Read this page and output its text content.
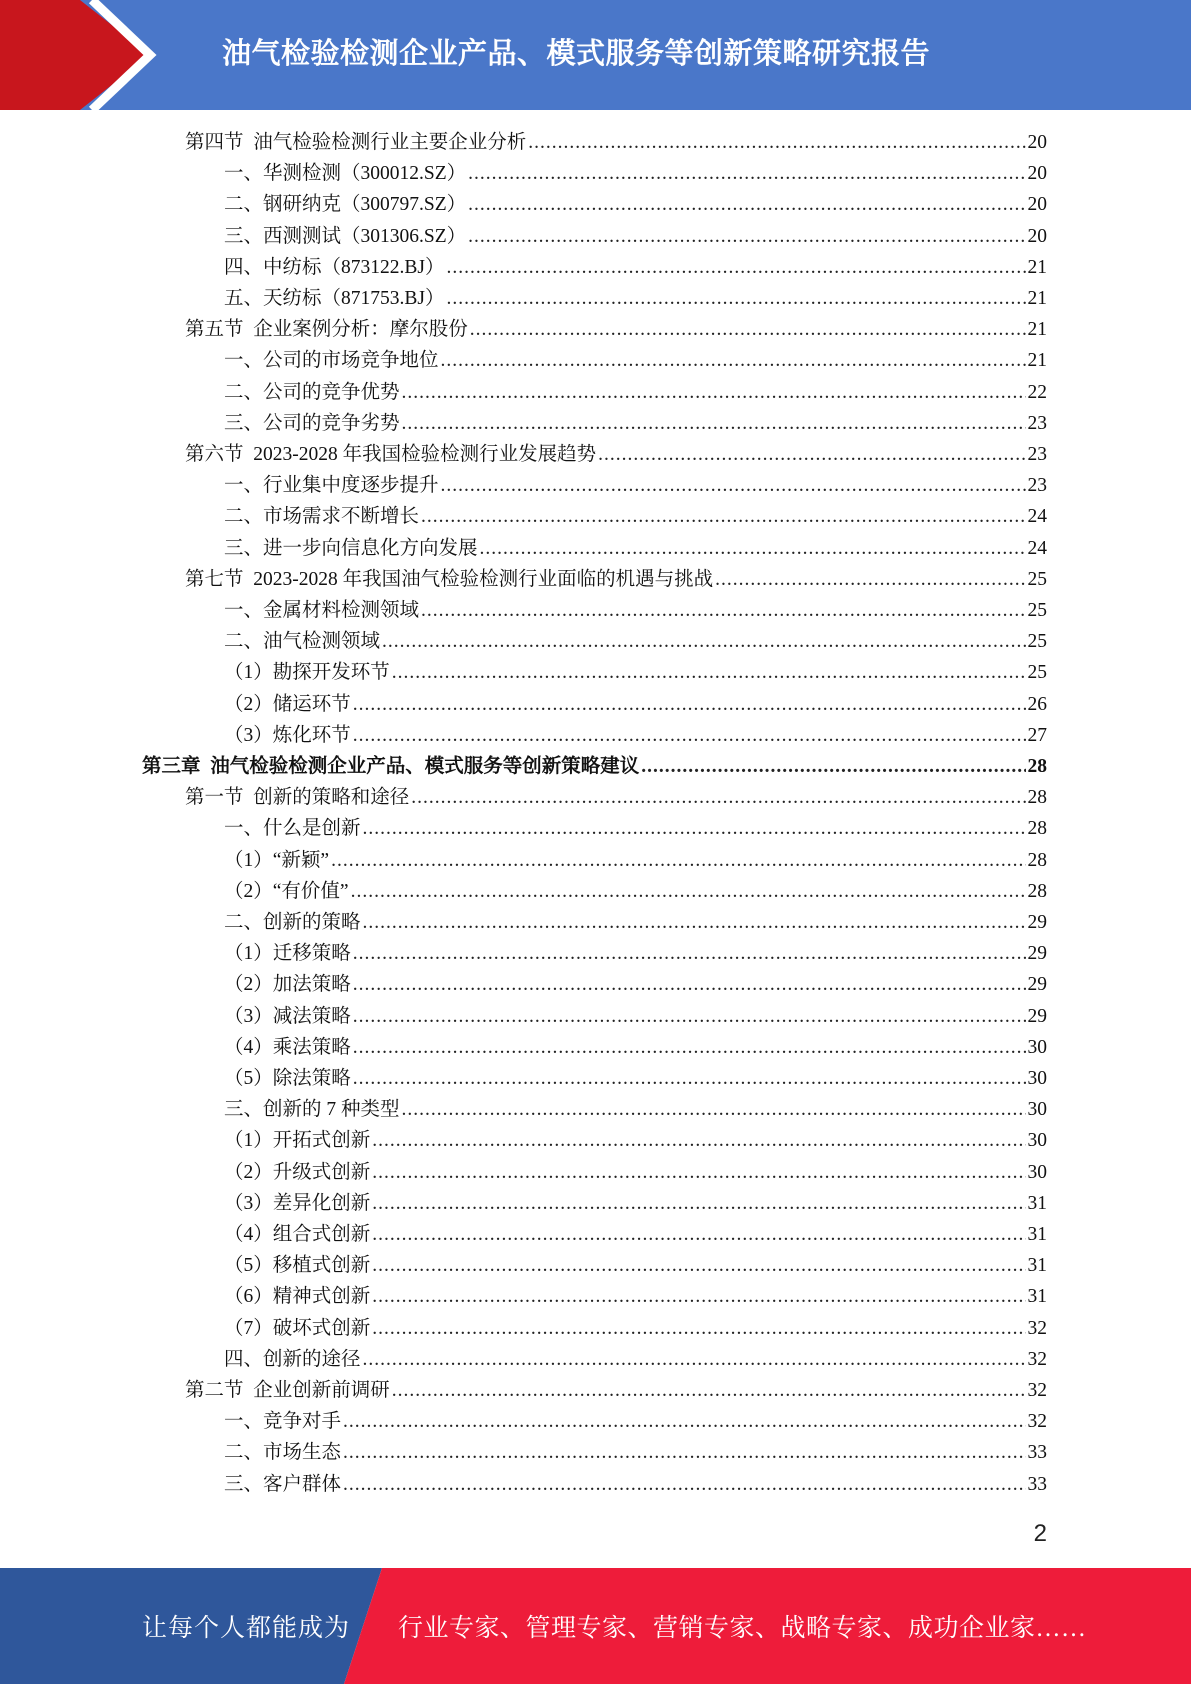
油气检验检测企业产品、模式服务等创新策略研究报告
第四节  油气检验检测行业主要企业分析 .....	20
一、华测检测（300012.SZ） .....	20
二、钢研纳克（300797.SZ） .....	20
三、西测测试（301306.SZ） .....	20
四、中纺标（873122.BJ） .....	21
五、天纺标（871753.BJ） .....	21
第五节  企业案例分析：摩尔股份 .....	21
一、公司的市场竞争地位 .....	21
二、公司的竞争优势 .....	22
三、公司的竞争劣势 .....	23
第六节  2023-2028 年我国检验检测行业发展趋势 .....	23
一、行业集中度逐步提升 .....	23
二、市场需求不断增长 .....	24
三、进一步向信息化方向发展 .....	24
第七节  2023-2028 年我国油气检验检测行业面临的机遇与挑战 .....	25
一、金属材料检测领域 .....	25
二、油气检测领域 .....	25
（1）勘探开发环节 .....	25
（2）储运环节 .....	26
（3）炼化环节 .....	27
第三章  油气检验检测企业产品、模式服务等创新策略建议 .....	28
第一节  创新的策略和途径 .....	28
一、什么是创新 .....	28
（1）“新颖” .....	28
（2）“有价值” .....	28
二、创新的策略 .....	29
（1）迁移策略 .....	29
（2）加法策略 .....	29
（3）减法策略 .....	29
（4）乘法策略 .....	30
（5）除法策略 .....	30
三、创新的 7 种类型 .....	30
（1）开拓式创新 .....	30
（2）升级式创新 .....	30
（3）差异化创新 .....	31
（4）组合式创新 .....	31
（5）移植式创新 .....	31
（6）精神式创新 .....	31
（7）破坏式创新 .....	32
四、创新的途径 .....	32
第二节  企业创新前调研 .....	32
一、竞争对手 .....	32
二、市场生态 .....	33
三、客户群体 .....	33
2
让每个人都能成为 行业专家、管理专家、营销专家、战略专家、成功企业家……
